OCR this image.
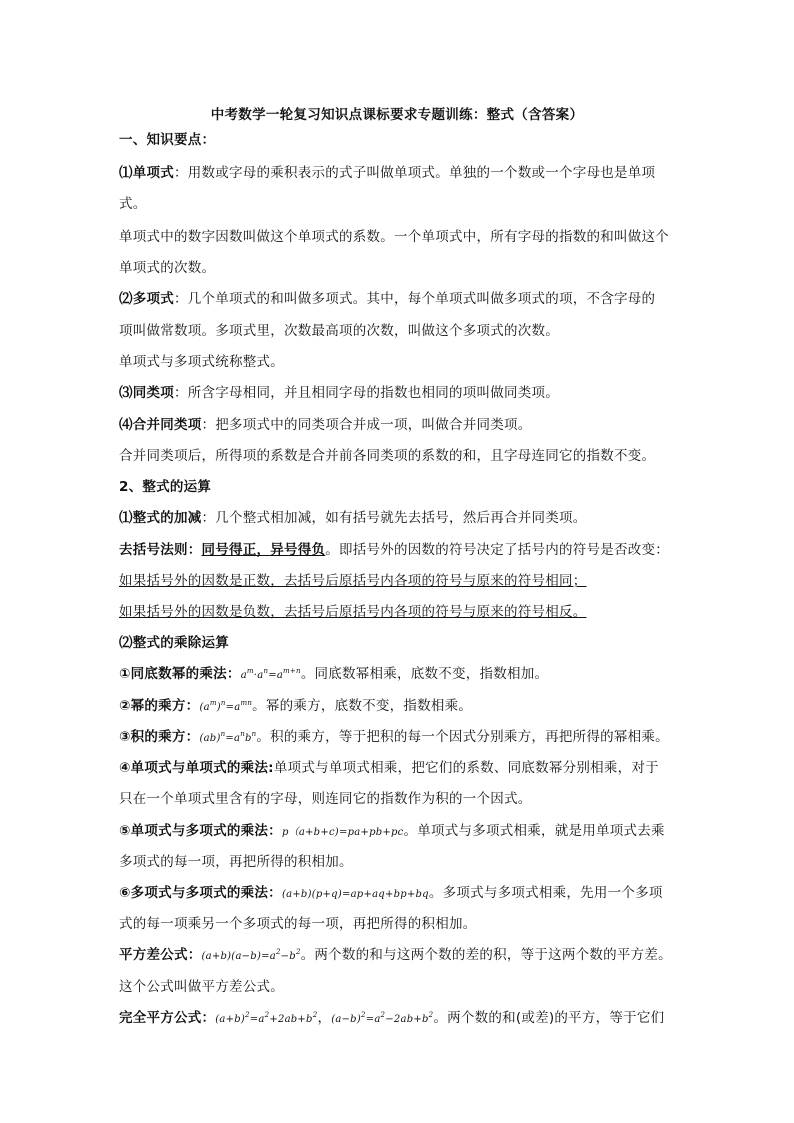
中考数学一轮复习知识点课标要求专题训练：整式（含答案）
一、知识要点：
⑴单项式：用数或字母的乘积表示的式子叫做单项式。单独的一个数或一个字母也是单项
式。
单项式中的数字因数叫做这个单项式的系数。一个单项式中，所有字母的指数的和叫做这个
单项式的次数。
⑵多项式：几个单项式的和叫做多项式。其中，每个单项式叫做多项式的项，不含字母的
项叫做常数项。多项式里，次数最高项的次数，叫做这个多项式的次数。
单项式与多项式统称整式。
⑶同类项：所含字母相同，并且相同字母的指数也相同的项叫做同类项。
⑷合并同类项：把多项式中的同类项合并成一项，叫做合并同类项。
合并同类项后，所得项的系数是合并前各同类项的系数的和，且字母连同它的指数不变。
2、整式的运算
⑴整式的加减：几个整式相加减，如有括号就先去括号，然后再合并同类项。
去括号法则：同号得正，异号得负。即括号外的因数的符号决定了括号内的符号是否改变：
如果括号外的因数是正数，去括号后原括号内各项的符号与原来的符号相同；
如果括号外的因数是负数，去括号后原括号内各项的符号与原来的符号相反。
⑵整式的乘除运算
①同底数幂的乘法：$a^m\cdot a^n=a^{m+n}$。同底数幂相乘，底数不变，指数相加。
②幂的乘方：$(a^m)^n=a^{mn}$。幂的乘方，底数不变，指数相乘。
③积的乘方：$(ab)^n=a^nb^n$。积的乘方，等于把积的每一个因式分别乘方，再把所得的幂相乘。
④单项式与单项式的乘法:单项式与单项式相乘，把它们的系数、同底数幂分别相乘，对于
只在一个单项式里含有的字母，则连同它的指数作为积的一个因式。
⑤单项式与多项式的乘法：p（a+b+c)=pa+pb+pc。单项式与多项式相乘，就是用单项式去乘
多项式的每一项，再把所得的积相加。
⑥多项式与多项式的乘法：(a+b)(p+q)=ap+aq+bp+bq。多项式与多项式相乘，先用一个多项
式的每一项乘另一个多项式的每一项，再把所得的积相加。
平方差公式：$(a+b)(a-b)=a^2-b^2$。两个数的和与这两个数的差的积，等于这两个数的平方差。
这个公式叫做平方差公式。
完全平方公式：$(a+b)^2=a^2+2ab+b^2$，$(a-b)^2=a^2-2ab+b^2$。两个数的和(或差)的平方，等于它们
